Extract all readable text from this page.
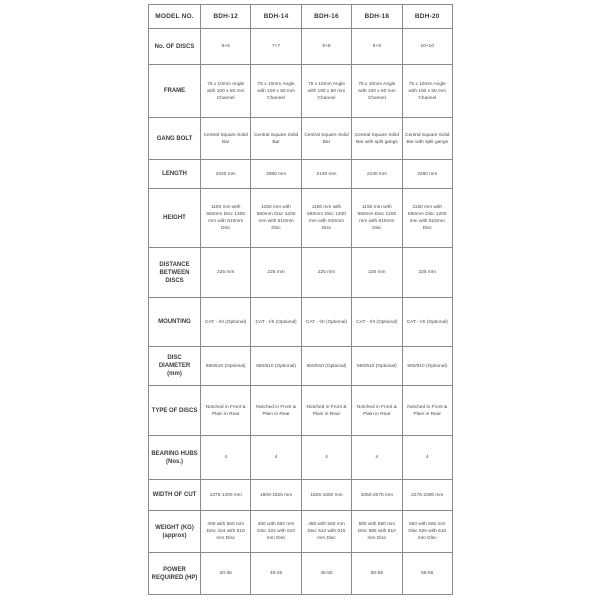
MODEL NO.	BDH-12	BDH-14	BDH-16	BDH-18	BDH-20
No. OF DISCS	6+6	7+7	8+8	9+9	10+10
FRAME	75 x 10mm Angle with 100 x 50 mm Channel	75 x 10mm Angle with 100 x 50 mm Channel	75 x 10mm Angle with 100 x 50 mm Channel	75 x 10mm Angle with 100 x 50 mm Channel	75 x 10mm Angle with 100 x 50 mm Channel
GANG BOLT	Central Square Solid Bar	Central Square Solid Bar	Central Square Solid Bar	Central Square Solid Bar with split gangs	Central Square Solid Bar with split gangs
LENGTH	2030 mm	2080 mm	2130 mm	2230 mm	2280 mm
HEIGHT	1150 mm with 560mm Disc 1200 mm with 610mm Disc	1150 mm with 560mm Disc 1200 mm with 610mm Disc	1150 mm with 560mm Disc 1200 mm with 610mm Disc	1150 mm with 560mm Disc 1200 mm with 610mm Disc	1150 mm with 560mm Disc 1200 mm with 610mm Disc
DISTANCE BETWEEN DISCS	225 mm	225 mm	225 mm	225 mm	225 mm
MOUNTING	CAT - I/II (Optional)	CAT - I/II (Optional)	CAT - I/II (Optional)	CAT - I/II (Optional)	CAT - I/II (Optional)
DISC DIAMETER (mm)	560/610 (Optional)	560/610 (Optional)	560/610 (Optional)	560/610 (Optional)	560/610 (Optional)
TYPE OF DISCS	Notched in Front & Plain in Rear	Notched in Front & Plain in Rear	Notched in Front & Plain in Rear	Notched in Front & Plain in Rear	Notched in Front & Plain in Rear
BEARING HUBS (Nos.)	4	4	4	4	4
WIDTH OF CUT	1375-1400 mm	1600-1625 mm	1825-1850 mm	2050-2075 mm	2275-2300 mm
WEIGHT (KG) (approx)	400 with 560 mm Disc 424 with 610 mm Disc	400 with 560 mm Disc 424 with 610 mm Disc	450 with 560 mm Disc 512 with 610 mm Disc	500 with 560 mm Disc 565 with 610 mm Disc	550 with 560 mm Disc 620 with 610 mm Disc
POWER REQUIRED (HP)	30-35	40-45	45-50	50-55	55-65
